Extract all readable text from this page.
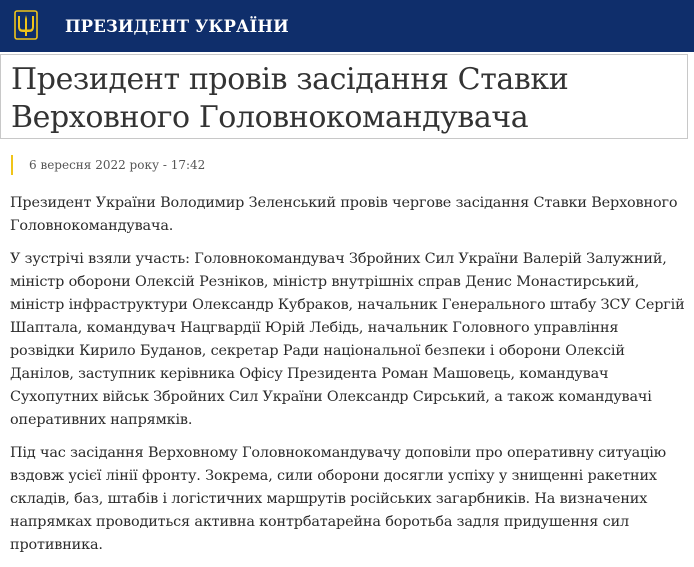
ПРЕЗИДЕНТ УКРАЇНИ
Президент провів засідання Ставки Верховного Головнокомандувача
6 вересня 2022 року - 17:42

Президент України Володимир Зеленський провів чергове засідання Ставки Верховного Головнокомандувача.

У зустрічі взяли участь: Головнокомандувач Збройних Сил України Валерій Залужний, міністр оборони Олексій Резніков, міністр внутрішніх справ Денис Монастирський, міністр інфраструктури Олександр Кубраков, начальник Генерального штабу ЗСУ Сергій Шаптала, командувач Нацгвардії Юрій Лебідь, начальник Головного управління розвідки Кирило Буданов, секретар Ради національної безпеки і оборони Олексій Данілов, заступник керівника Офісу Президента Роман Машовець, командувач Сухопутних військ Збройних Сил України Олександр Сирський, а також командувачі оперативних напрямків.

Під час засідання Верховному Головнокомандувачу доповіли про оперативну ситуацію вздовж усієї лінії фронту. Зокрема, сили оборони досягли успіху у знищенні ракетних складів, баз, штабів і логістичних маршрутів російських загарбників. На визначених напрямках проводиться активна контрбатарейна боротьба задля придушення сил противника.
